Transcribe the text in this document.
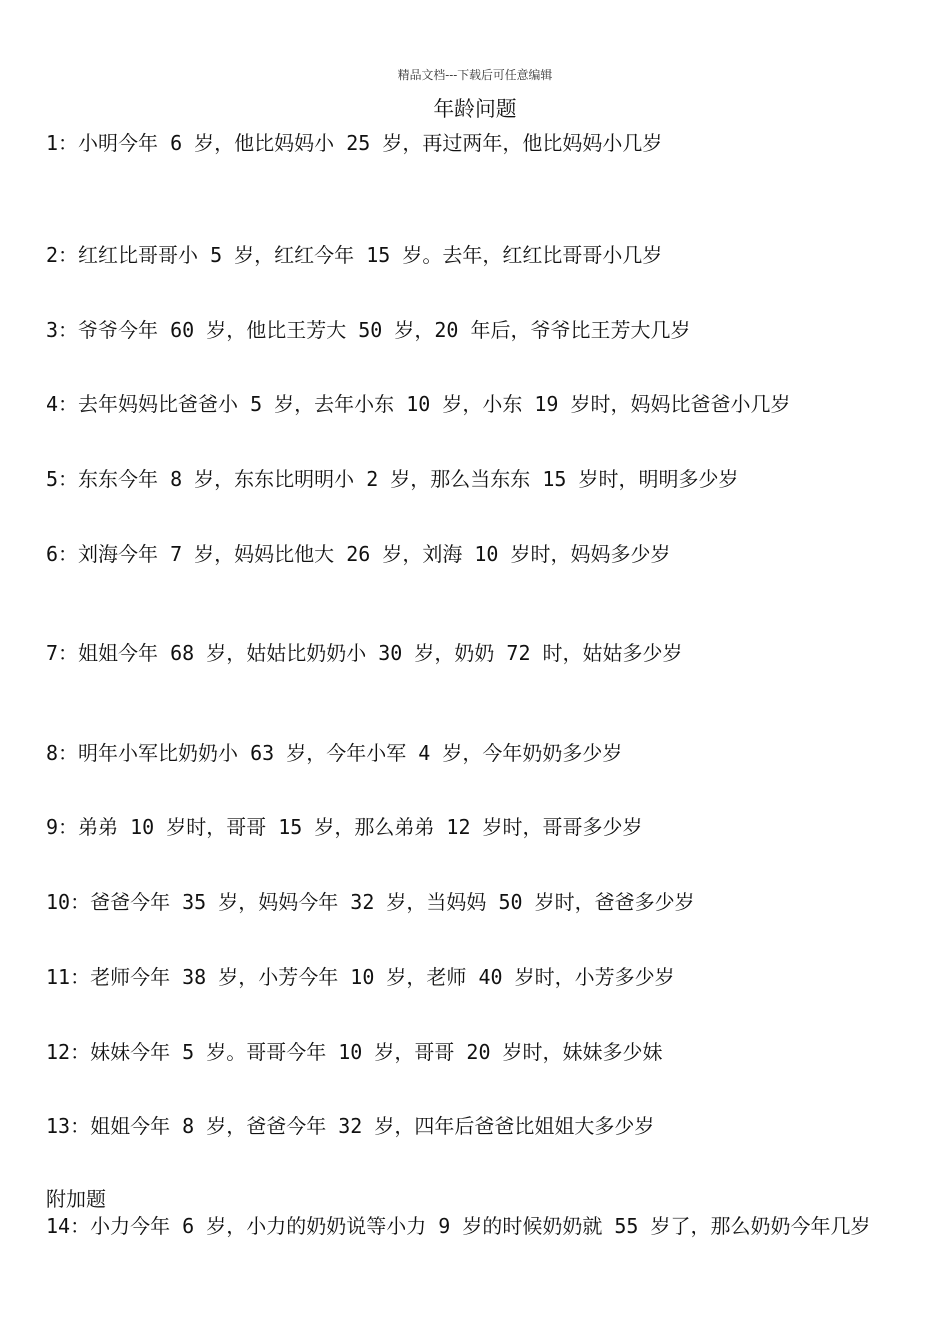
精品文档---下载后可任意编辑
年龄问题
1：小明今年 6 岁，他比妈妈小 25 岁，再过两年，他比妈妈小几岁
2：红红比哥哥小 5 岁，红红今年 15 岁。去年，红红比哥哥小几岁
3：爷爷今年 60 岁，他比王芳大 50 岁，20 年后，爷爷比王芳大几岁
4：去年妈妈比爸爸小 5 岁，去年小东 10 岁，小东 19 岁时，妈妈比爸爸小几岁
5：东东今年 8 岁，东东比明明小 2 岁，那么当东东 15 岁时，明明多少岁
6：刘海今年 7 岁，妈妈比他大 26 岁，刘海 10 岁时，妈妈多少岁
7：姐姐今年 68 岁，姑姑比奶奶小 30 岁，奶奶 72 时，姑姑多少岁
8：明年小军比奶奶小 63 岁，今年小军 4 岁，今年奶奶多少岁
9：弟弟 10 岁时，哥哥 15 岁，那么弟弟 12 岁时，哥哥多少岁
10：爸爸今年 35 岁，妈妈今年 32 岁，当妈妈 50 岁时，爸爸多少岁
11：老师今年 38 岁，小芳今年 10 岁，老师 40 岁时，小芳多少岁
12：妹妹今年 5 岁。哥哥今年 10 岁，哥哥 20 岁时，妹妹多少妹
13：姐姐今年 8 岁，爸爸今年 32 岁，四年后爸爸比姐姐大多少岁
附加题
14：小力今年 6 岁，小力的奶奶说等小力 9 岁的时候奶奶就 55 岁了，那么奶奶今年几岁
